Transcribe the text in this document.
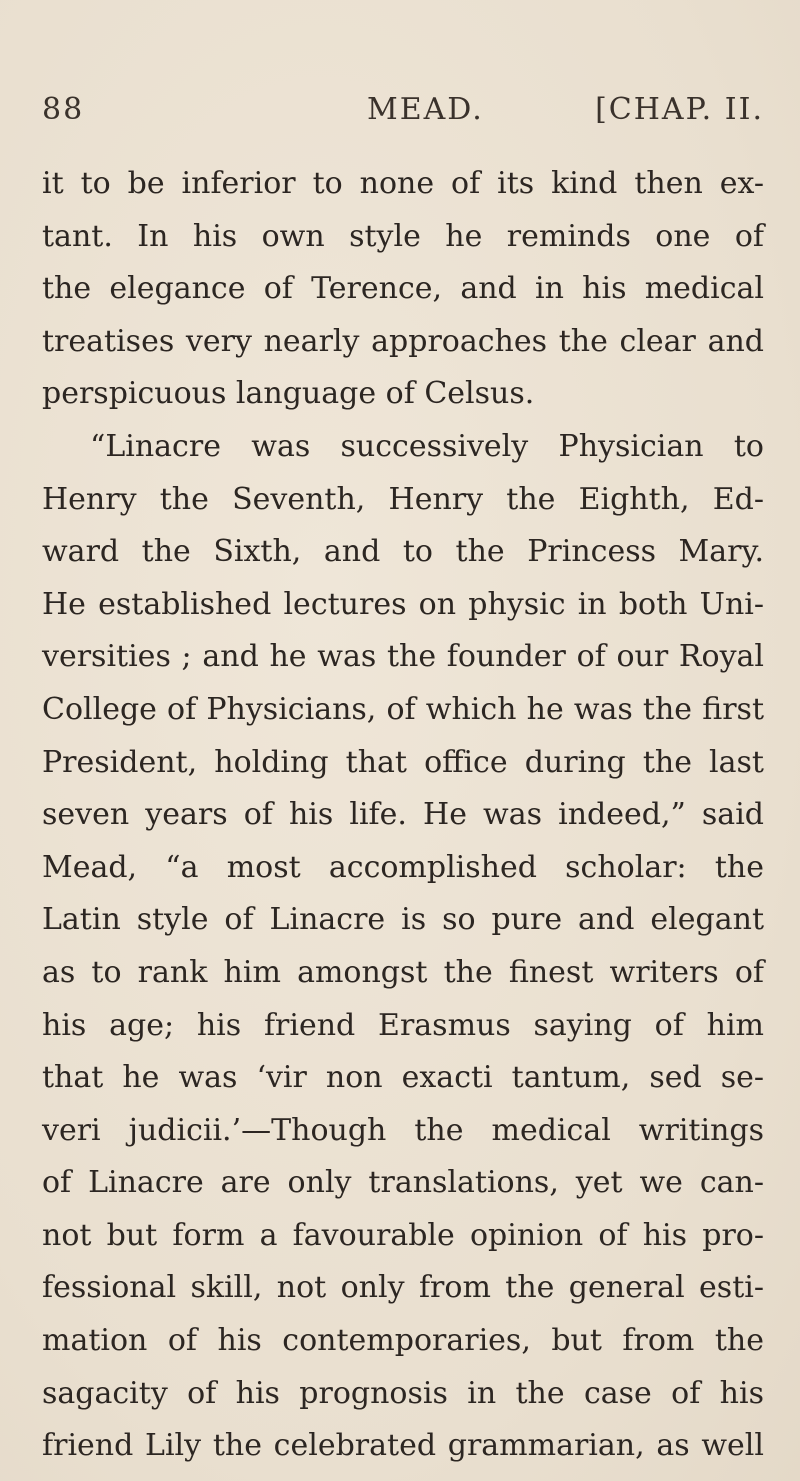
88	MEAD.	[CHAP. II.
it to be inferior to none of its kind then ex-
tant. In his own style he reminds one of
the elegance of Terence, and in his medical
treatises very nearly approaches the clear and
perspicuous language of Celsus.
“Linacre was successively Physician to
Henry the Seventh, Henry the Eighth, Ed-
ward the Sixth, and to the Princess Mary.
He established lectures on physic in both Uni-
versities ; and he was the founder of our Royal
College of Physicians, of which he was the first
President, holding that office during the last
seven years of his life. He was indeed,” said
Mead, “a most accomplished scholar: the
Latin style of Linacre is so pure and elegant
as to rank him amongst the finest writers of
his age; his friend Erasmus saying of him
that he was ‘vir non exacti tantum, sed se-
veri judicii.’—Though the medical writings
of Linacre are only translations, yet we can-
not but form a favourable opinion of his pro-
fessional skill, not only from the general esti-
mation of his contemporaries, but from the
sagacity of his prognosis in the case of his
friend Lily the celebrated grammarian, as well
